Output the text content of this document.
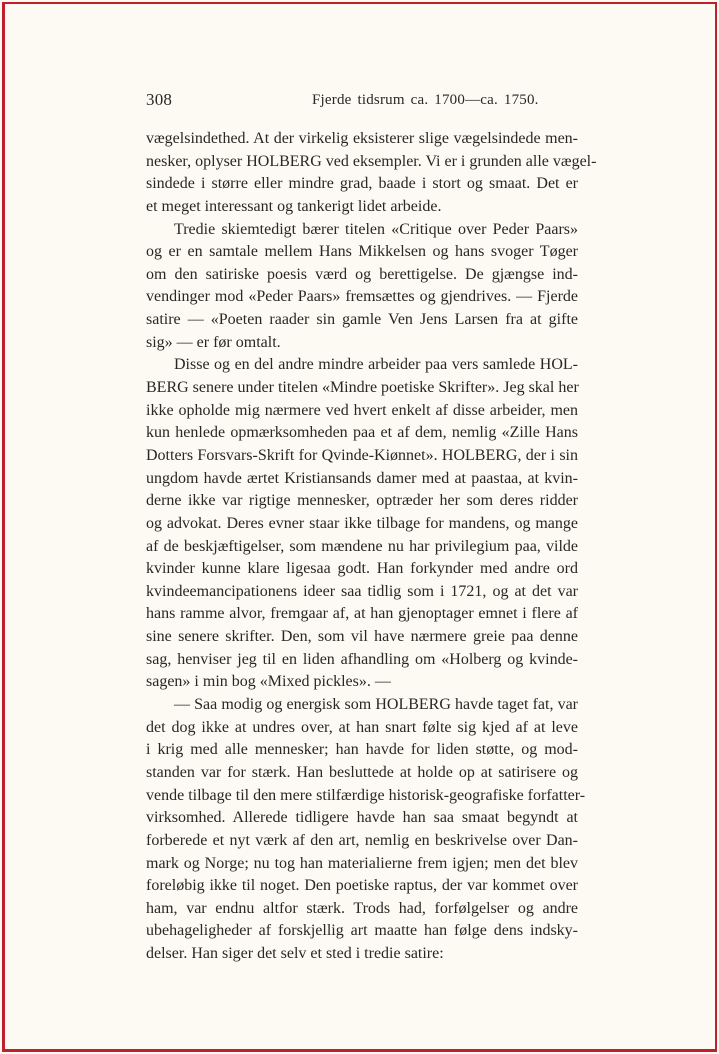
308	Fjerde tidsrum ca. 1700—ca. 1750.
vægelsindethed. At der virkelig eksisterer slige vægelsindede men-
nesker, oplyser HOLBERG ved eksempler. Vi er i grunden alle vægel-
sindede i større eller mindre grad, baade i stort og smaat. Det er
et meget interessant og tankerigt lidet arbeide.
Tredie skiemtedigt bærer titelen «Critique over Peder Paars»
og er en samtale mellem Hans Mikkelsen og hans svoger Tøger
om den satiriske poesis værd og berettigelse. De gjængse ind-
vendinger mod «Peder Paars» fremsættes og gjendrives. — Fjerde
satire — «Poeten raader sin gamle Ven Jens Larsen fra at gifte
sig» — er før omtalt.
Disse og en del andre mindre arbeider paa vers samlede HOL-
BERG senere under titelen «Mindre poetiske Skrifter». Jeg skal her
ikke opholde mig nærmere ved hvert enkelt af disse arbeider, men
kun henlede opmærksomheden paa et af dem, nemlig «Zille Hans
Dotters Forsvars-Skrift for Qvinde-Kiønnet». HOLBERG, der i sin
ungdom havde ærtet Kristiansands damer med at paastaa, at kvin-
derne ikke var rigtige mennesker, optræder her som deres ridder
og advokat. Deres evner staar ikke tilbage for mandens, og mange
af de beskjæftigelser, som mændene nu har privilegium paa, vilde
kvinder kunne klare ligesaa godt. Han forkynder med andre ord
kvindeemancipationens ideer saa tidlig som i 1721, og at det var
hans ramme alvor, fremgaar af, at han gjenoptager emnet i flere af
sine senere skrifter. Den, som vil have nærmere greie paa denne
sag, henviser jeg til en liden afhandling om «Holberg og kvinde-
sagen» i min bog «Mixed pickles». —
— Saa modig og energisk som HOLBERG havde taget fat, var
det dog ikke at undres over, at han snart følte sig kjed af at leve
i krig med alle mennesker; han havde for liden støtte, og mod-
standen var for stærk. Han besluttede at holde op at satirisere og
vende tilbage til den mere stilfærdige historisk-geografiske forfatter-
virksomhed. Allerede tidligere havde han saa smaat begyndt at
forberede et nyt værk af den art, nemlig en beskrivelse over Dan-
mark og Norge; nu tog han materialierne frem igjen; men det blev
foreløbig ikke til noget. Den poetiske raptus, der var kommet over
ham, var endnu altfor stærk. Trods had, forfølgelser og andre
ubehageligheder af forskjellig art maatte han følge dens indsky-
delser. Han siger det selv et sted i tredie satire:
